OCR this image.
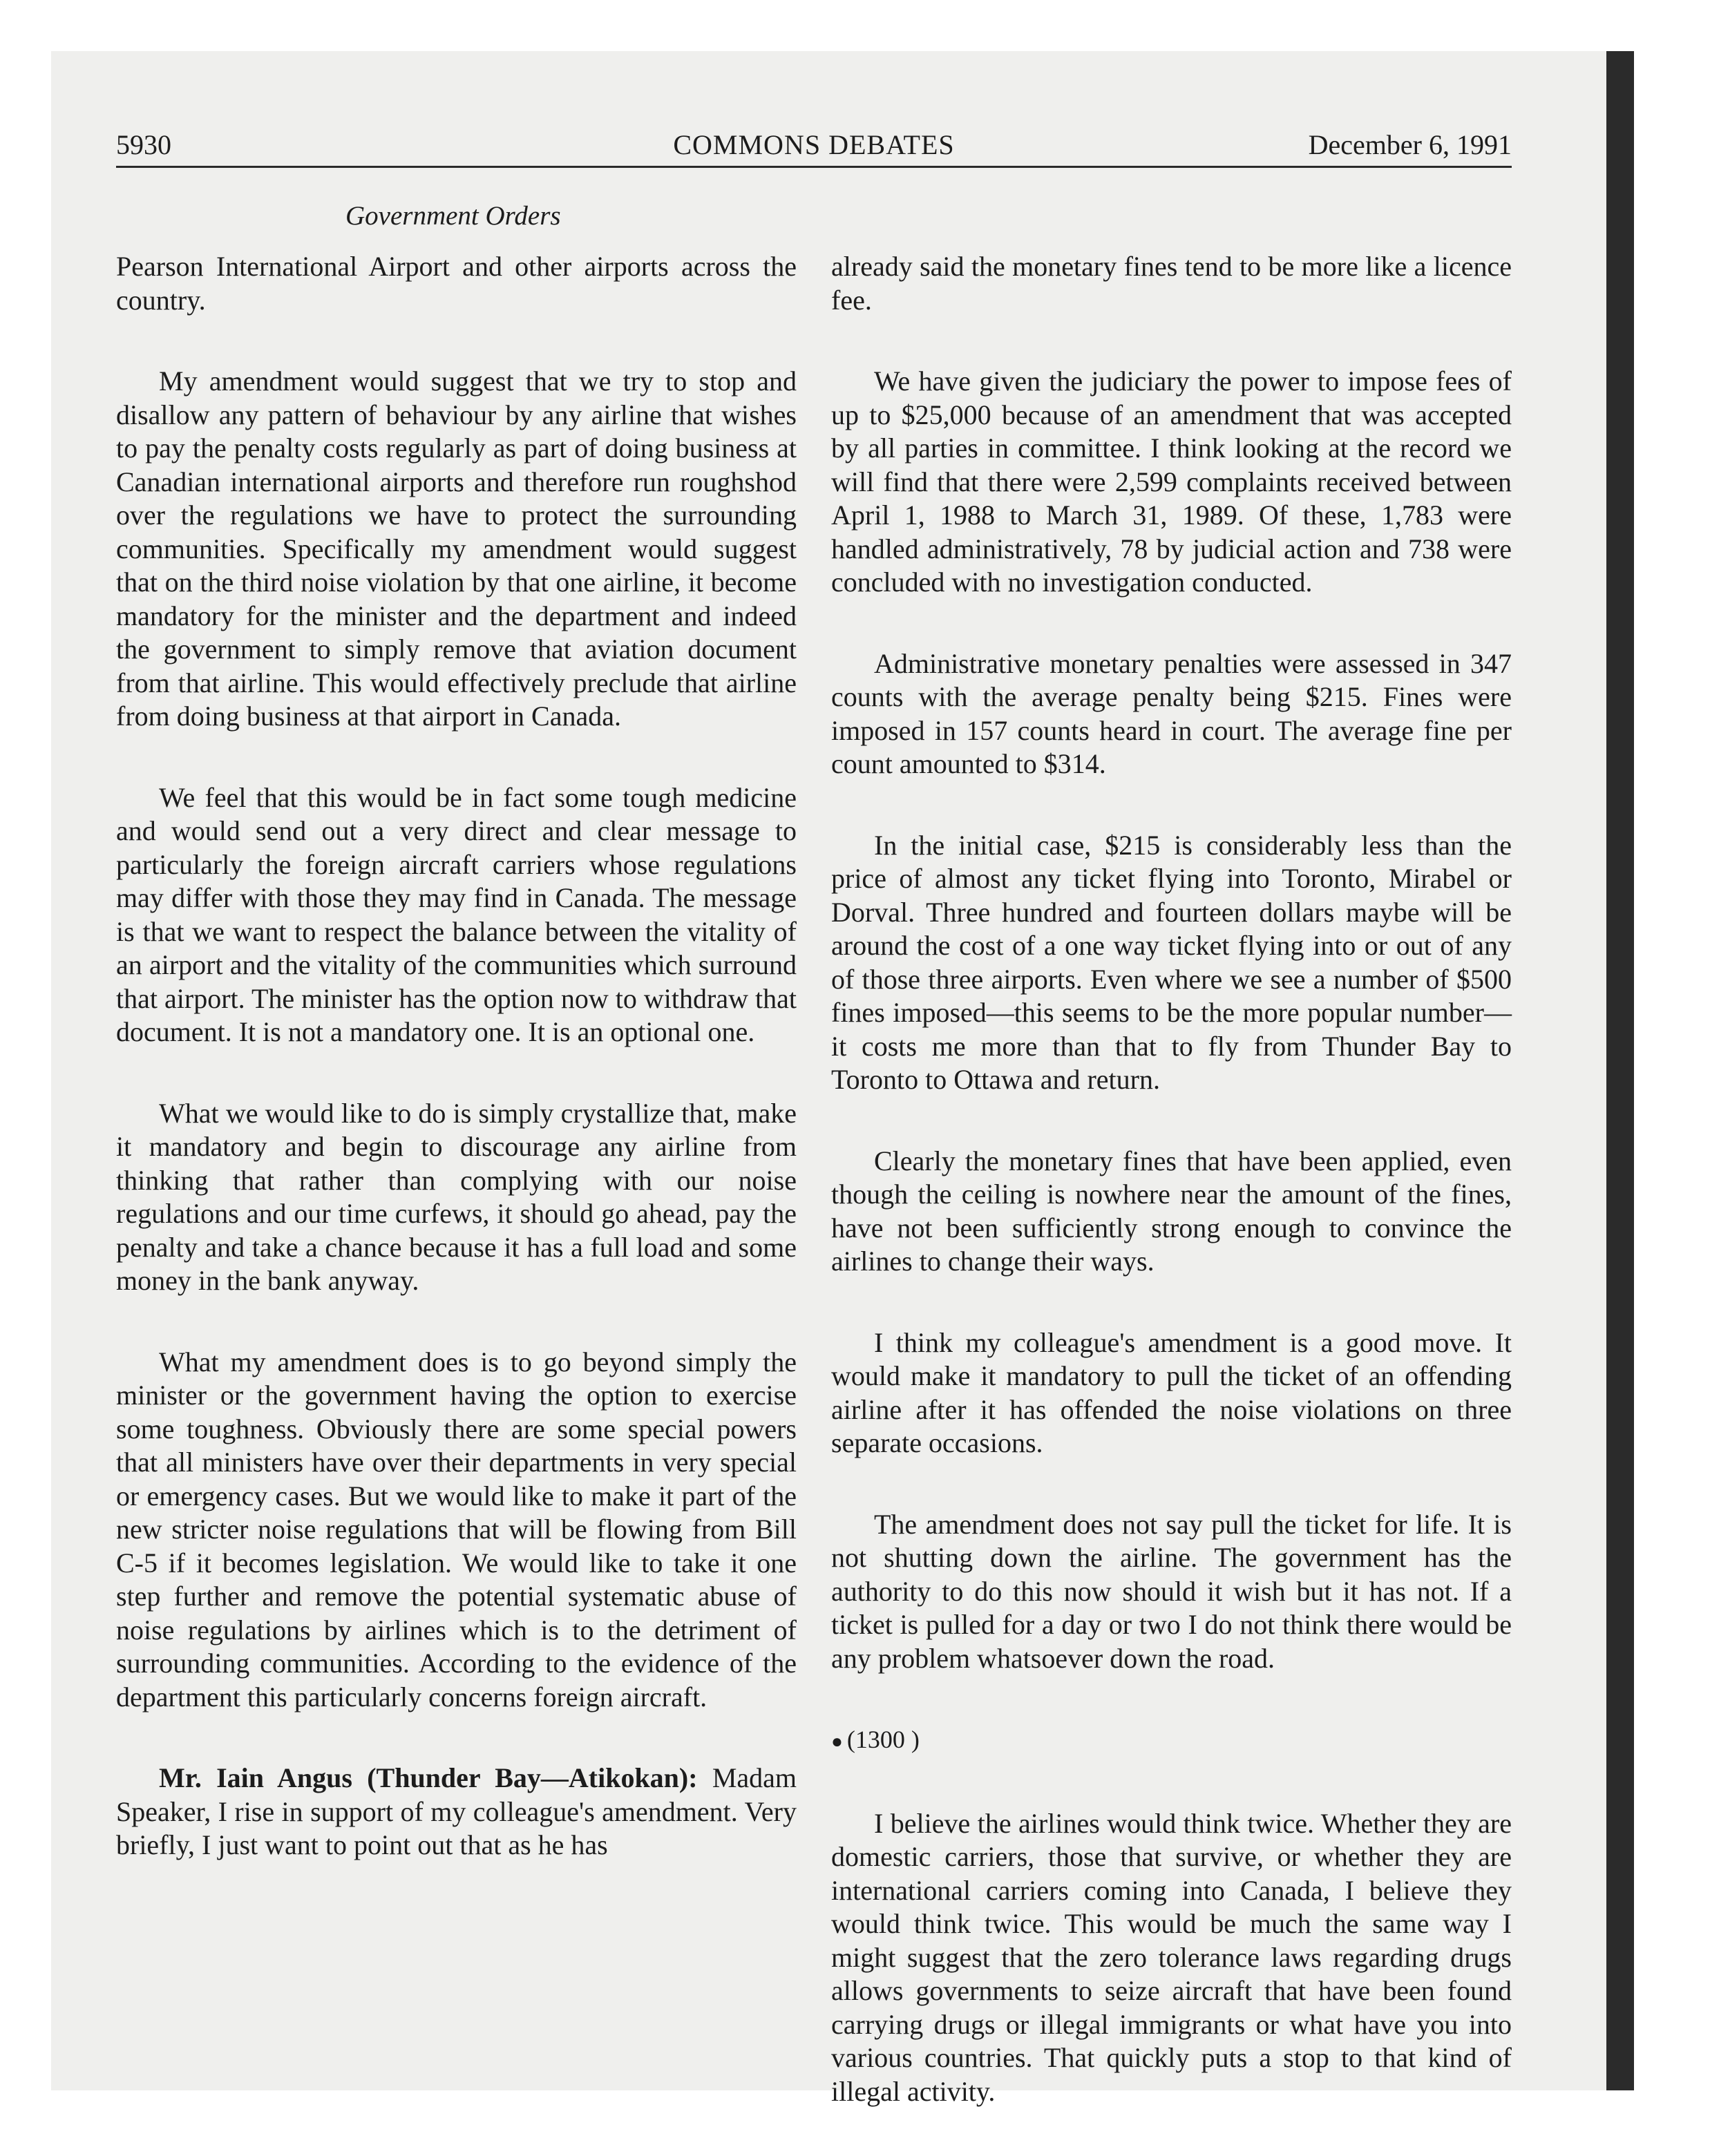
5930	COMMONS DEBATES	December 6, 1991
Government Orders

Pearson International Airport and other airports across the country.

My amendment would suggest that we try to stop and disallow any pattern of behaviour by any airline that wishes to pay the penalty costs regularly as part of doing business at Canadian international airports and therefore run roughshod over the regulations we have to protect the surrounding communities. Specifically my amendment would suggest that on the third noise violation by that one airline, it become mandatory for the minister and the department and indeed the government to simply remove that aviation document from that airline. This would effectively preclude that airline from doing business at that airport in Canada.

We feel that this would be in fact some tough medicine and would send out a very direct and clear message to particularly the foreign aircraft carriers whose regulations may differ with those they may find in Canada. The message is that we want to respect the balance between the vitality of an airport and the vitality of the communities which surround that airport. The minister has the option now to withdraw that document. It is not a mandatory one. It is an optional one.

What we would like to do is simply crystallize that, make it mandatory and begin to discourage any airline from thinking that rather than complying with our noise regulations and our time curfews, it should go ahead, pay the penalty and take a chance because it has a full load and some money in the bank anyway.

What my amendment does is to go beyond simply the minister or the government having the option to exercise some toughness. Obviously there are some special powers that all ministers have over their departments in very special or emergency cases. But we would like to make it part of the new stricter noise regulations that will be flowing from Bill C-5 if it becomes legislation. We would like to take it one step further and remove the potential systematic abuse of noise regulations by airlines which is to the detriment of surrounding communities. According to the evidence of the department this particularly concerns foreign aircraft.

Mr. Iain Angus (Thunder Bay—Atikokan): Madam Speaker, I rise in support of my colleague's amendment. Very briefly, I just want to point out that as he has

already said the monetary fines tend to be more like a licence fee.

We have given the judiciary the power to impose fees of up to $25,000 because of an amendment that was accepted by all parties in committee. I think looking at the record we will find that there were 2,599 complaints received between April 1, 1988 to March 31, 1989. Of these, 1,783 were handled administratively, 78 by judicial action and 738 were concluded with no investigation conducted.

Administrative monetary penalties were assessed in 347 counts with the average penalty being $215. Fines were imposed in 157 counts heard in court. The average fine per count amounted to $314.

In the initial case, $215 is considerably less than the price of almost any ticket flying into Toronto, Mirabel or Dorval. Three hundred and fourteen dollars maybe will be around the cost of a one way ticket flying into or out of any of those three airports. Even where we see a number of $500 fines imposed—this seems to be the more popular number—it costs me more than that to fly from Thunder Bay to Toronto to Ottawa and return.

Clearly the monetary fines that have been applied, even though the ceiling is nowhere near the amount of the fines, have not been sufficiently strong enough to convince the airlines to change their ways.

I think my colleague's amendment is a good move. It would make it mandatory to pull the ticket of an offending airline after it has offended the noise violations on three separate occasions.

The amendment does not say pull the ticket for life. It is not shutting down the airline. The government has the authority to do this now should it wish but it has not. If a ticket is pulled for a day or two I do not think there would be any problem whatsoever down the road.

● (1300 )

I believe the airlines would think twice. Whether they are domestic carriers, those that survive, or whether they are international carriers coming into Canada, I believe they would think twice. This would be much the same way I might suggest that the zero tolerance laws regarding drugs allows governments to seize aircraft that have been found carrying drugs or illegal immigrants or what have you into various countries. That quickly puts a stop to that kind of illegal activity.
